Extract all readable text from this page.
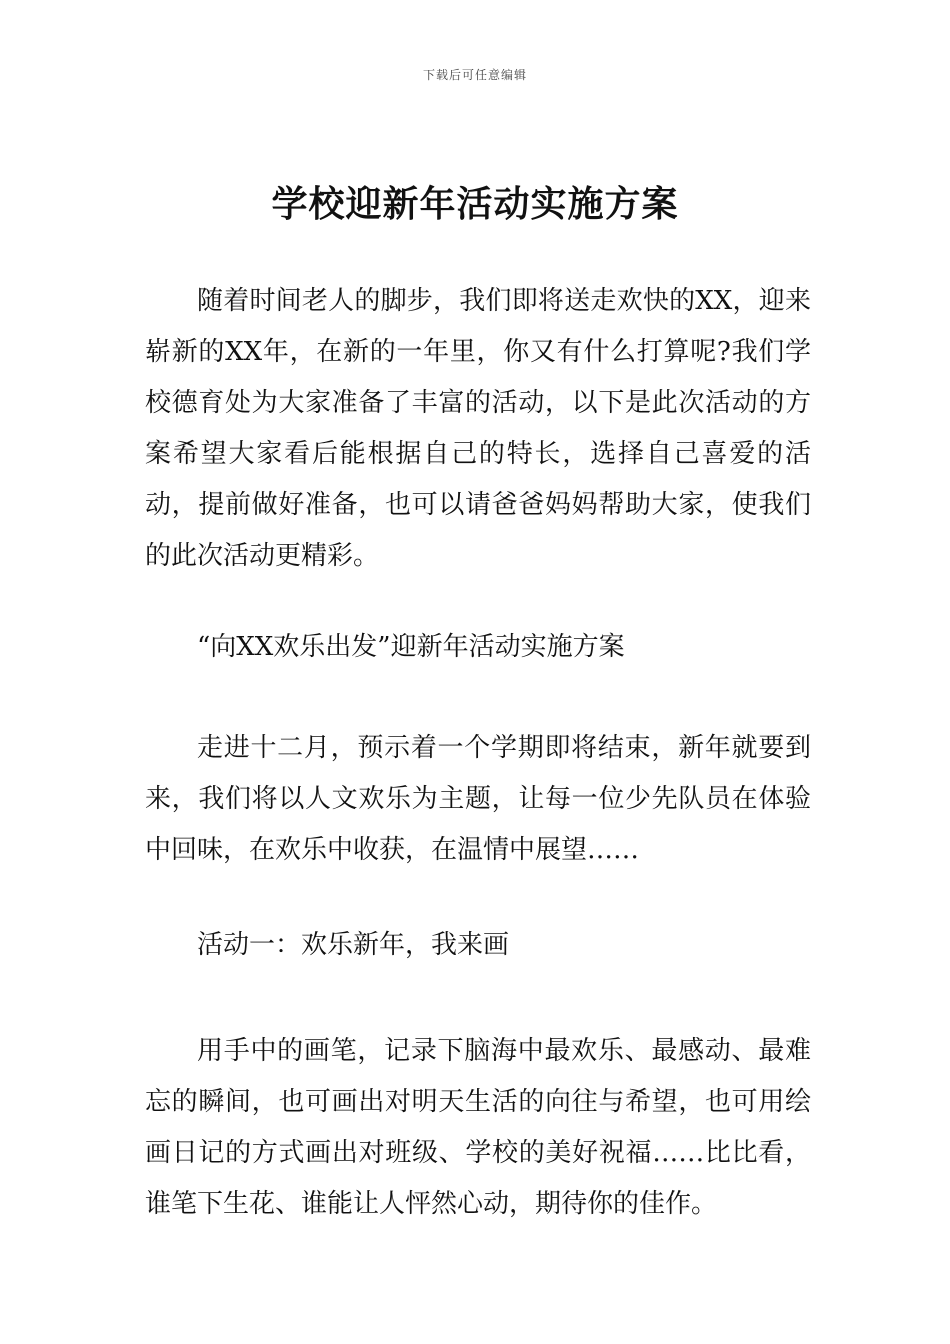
下载后可任意编辑
学校迎新年活动实施方案

随着时间老人的脚步，我们即将送走欢快的XX，迎来崭新的XX年，在新的一年里，你又有什么打算呢?我们学校德育处为大家准备了丰富的活动，以下是此次活动的方案希望大家看后能根据自己的特长，选择自己喜爱的活动，提前做好准备，也可以请爸爸妈妈帮助大家，使我们的此次活动更精彩。

“向XX欢乐出发”迎新年活动实施方案

走进十二月，预示着一个学期即将结束，新年就要到来，我们将以人文欢乐为主题，让每一位少先队员在体验中回味，在欢乐中收获，在温情中展望……

活动一：欢乐新年，我来画

用手中的画笔，记录下脑海中最欢乐、最感动、最难忘的瞬间，也可画出对明天生活的向往与希望，也可用绘画日记的方式画出对班级、学校的美好祝福……比比看，谁笔下生花、谁能让人怦然心动，期待你的佳作。
